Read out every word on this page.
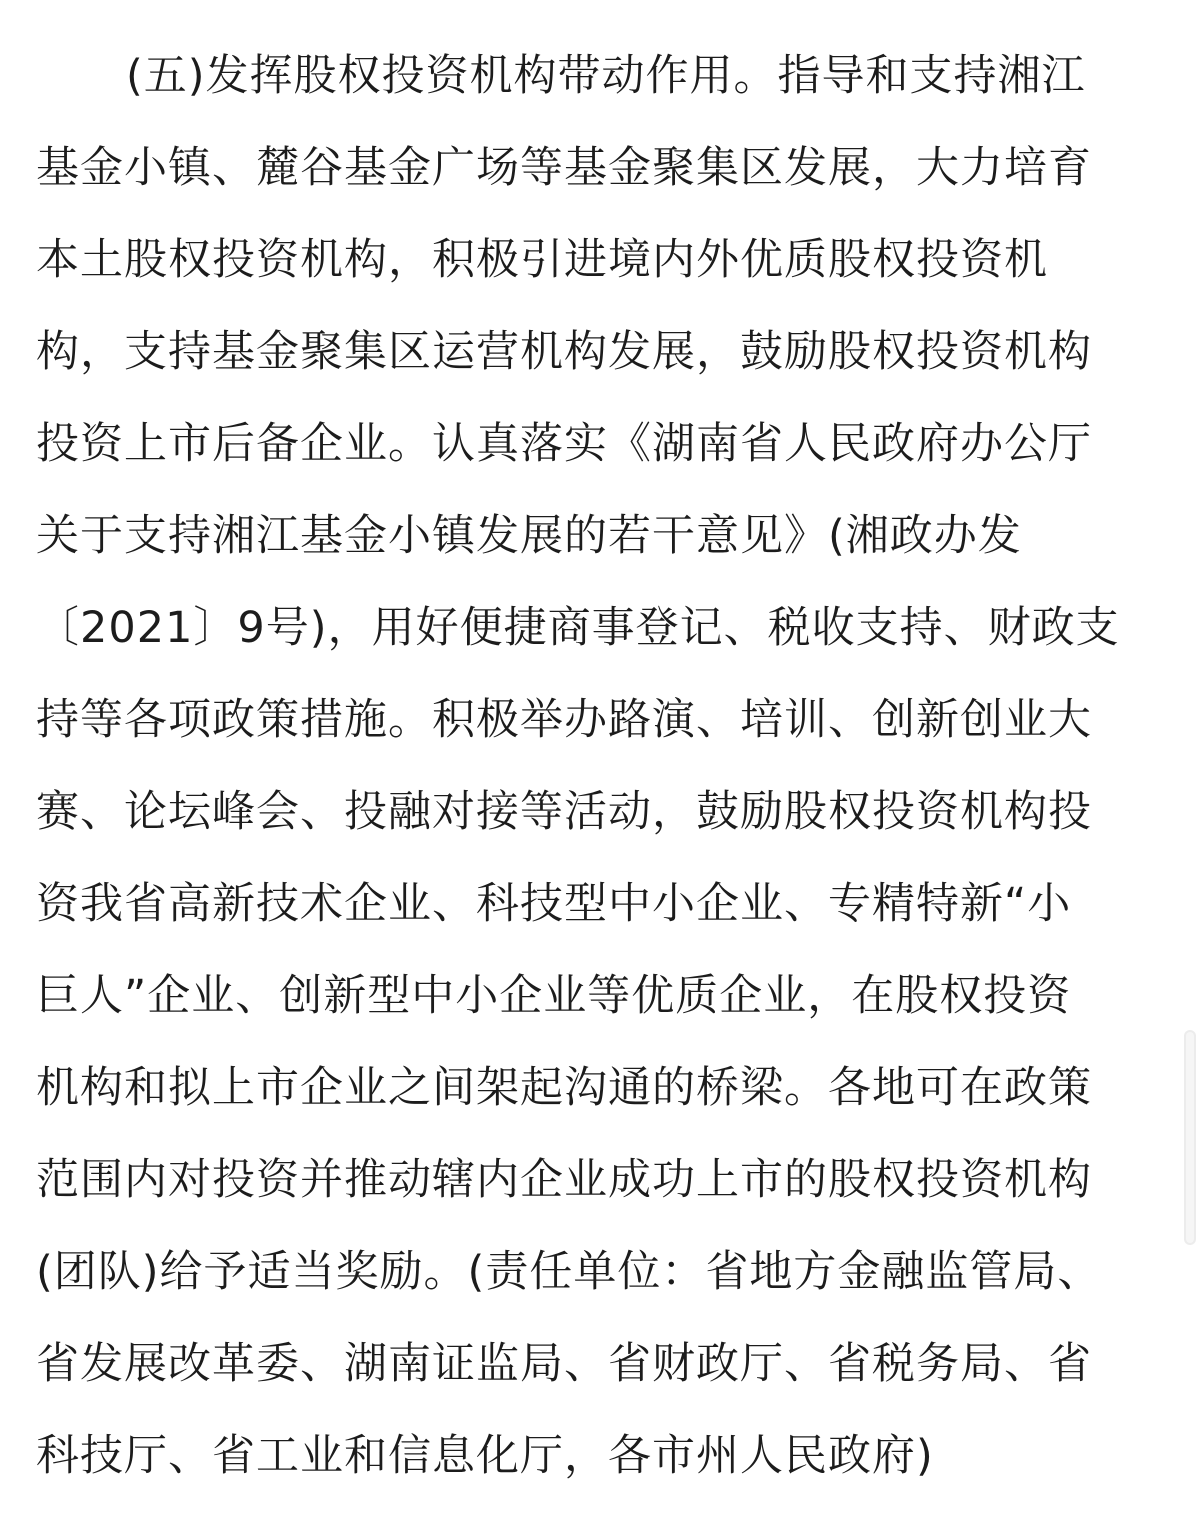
(五)发挥股权投资机构带动作用。指导和支持湘江
基金小镇、麓谷基金广场等基金聚集区发展，大力培育
本土股权投资机构，积极引进境内外优质股权投资机
构，支持基金聚集区运营机构发展，鼓励股权投资机构
投资上市后备企业。认真落实《湖南省人民政府办公厅
关于支持湘江基金小镇发展的若干意见》(湘政办发
〔2021〕9号)，用好便捷商事登记、税收支持、财政支
持等各项政策措施。积极举办路演、培训、创新创业大
赛、论坛峰会、投融对接等活动，鼓励股权投资机构投
资我省高新技术企业、科技型中小企业、专精特新“小
巨人”企业、创新型中小企业等优质企业，在股权投资
机构和拟上市企业之间架起沟通的桥梁。各地可在政策
范围内对投资并推动辖内企业成功上市的股权投资机构
(团队)给予适当奖励。(责任单位：省地方金融监管局、
省发展改革委、湖南证监局、省财政厅、省税务局、省
科技厅、省工业和信息化厅，各市州人民政府)
